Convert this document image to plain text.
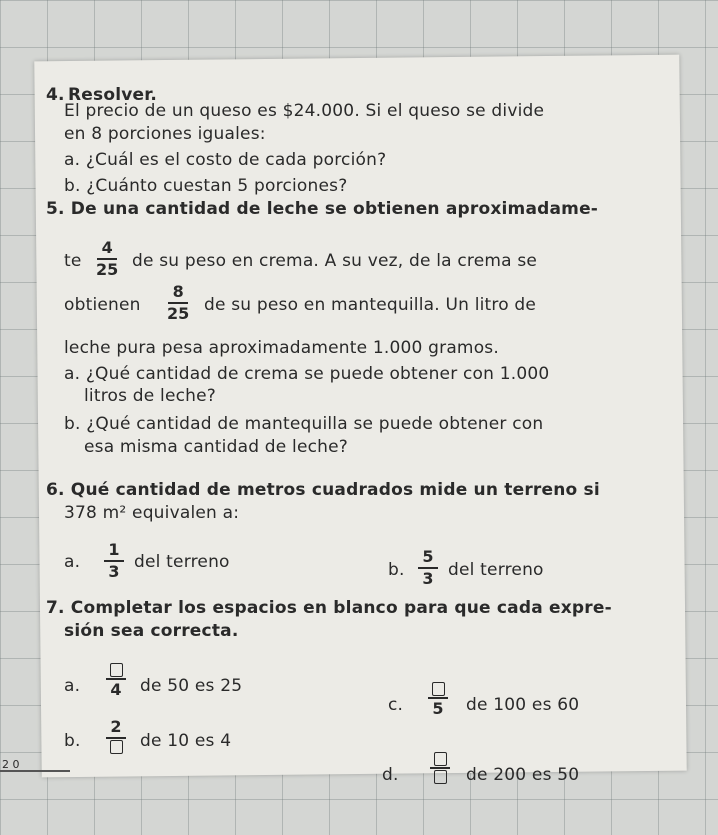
4. Resolver.
El precio de un queso es $24.000. Si el queso se divide
en 8 porciones iguales:
a. ¿Cuál es el costo de cada porción?
b. ¿Cuánto cuestan 5 porciones?
5. De una cantidad de leche se obtienen aproximadame-
te
4
25 de su peso en crema. A su vez, de la crema se
obtienen
8
25 de su peso en mantequilla. Un litro de
leche pura pesa aproximadamente 1.000 gramos.
a. ¿Qué cantidad de crema se puede obtener con 1.000
litros de leche?
b. ¿Qué cantidad de mantequilla se puede obtener con
esa misma cantidad de leche?
6. Qué cantidad de metros cuadrados mide un terreno si
378 m² equivalen a:
a.
1
3 del terreno	b.
5
3 del terreno
7. Completar los espacios en blanco para que cada expre-
sión sea correcta.
a. 4 de 50 es 25
c. 5 de 100 es 60
b.
2
de 10 es 4
d.	de 200 es 50
2 0
